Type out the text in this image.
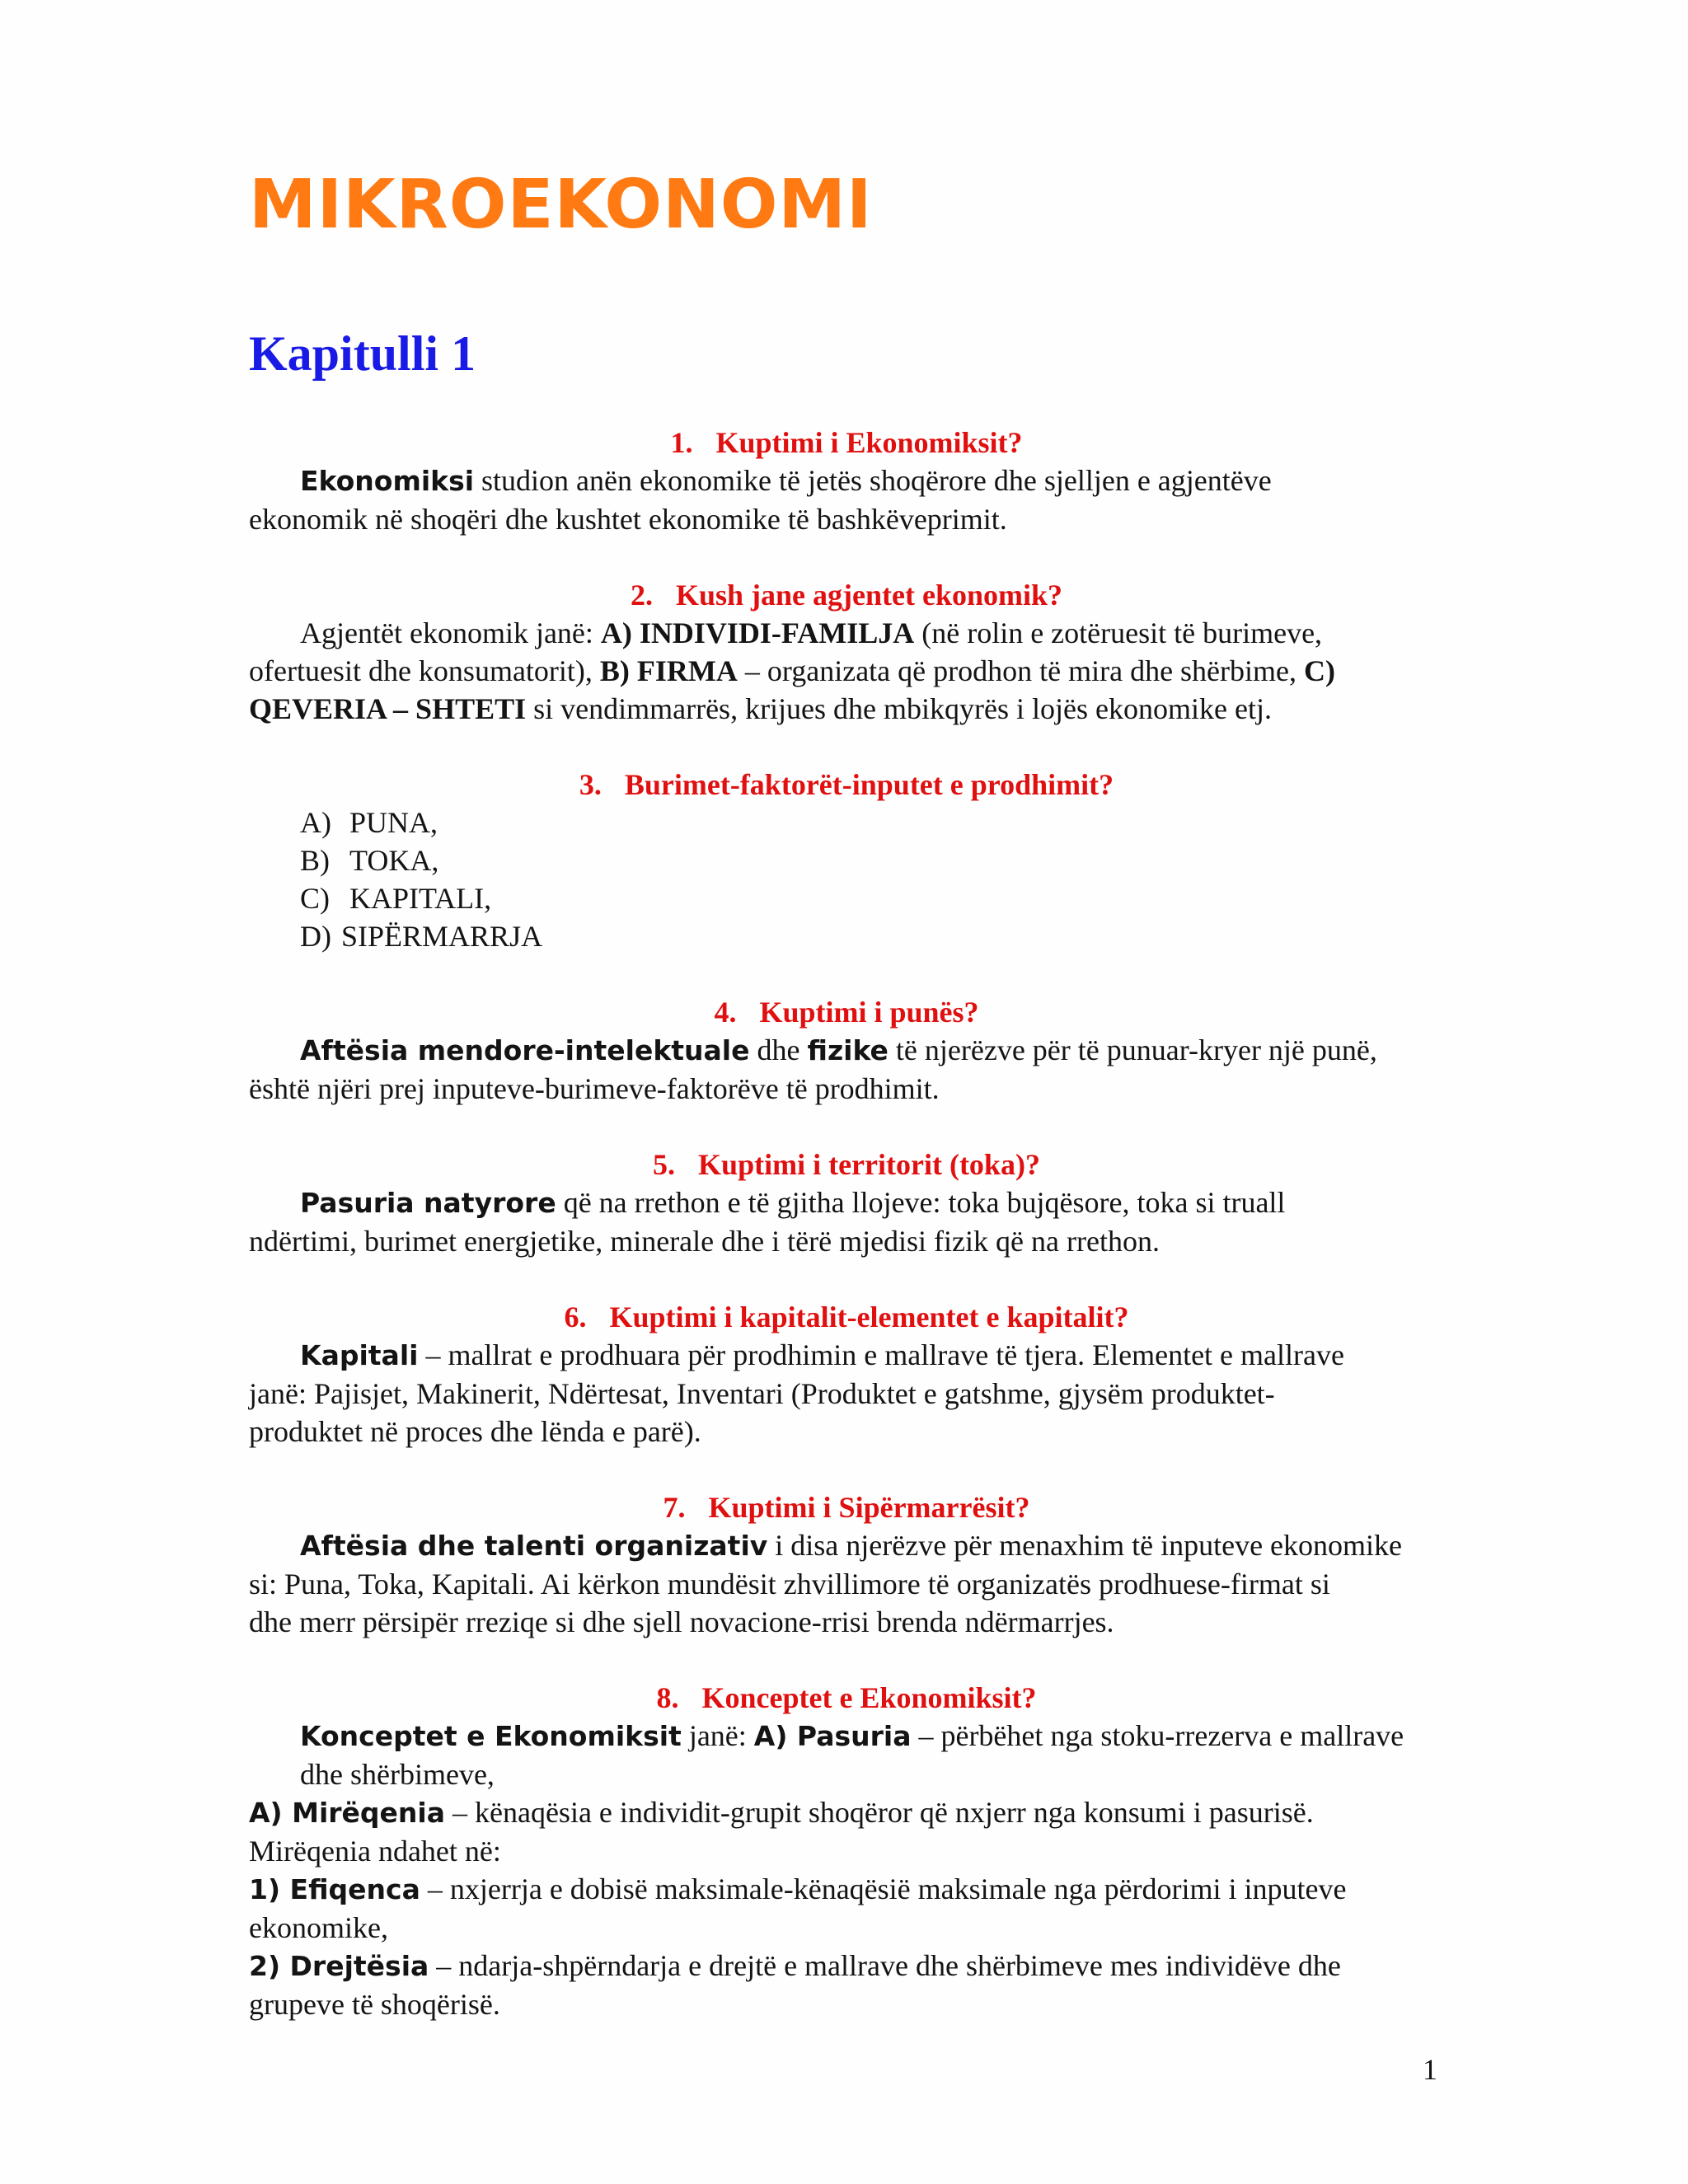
MIKROEKONOMI
Kapitulli 1

1. Kuptimi i Ekonomiksit?

Ekonomiksi studion anën ekonomike të jetës shoqërore dhe sjelljen e agjentëve

ekonomik në shoqëri dhe kushtet ekonomike të bashkëveprimit.

2. Kush jane agjentet ekonomik?

Agjentët ekonomik janë: A) INDIVIDI-FAMILJA (në rolin e zotëruesit të burimeve,

ofertuesit dhe konsumatorit), B) FIRMA – organizata që prodhon të mira dhe shërbime, C)

QEVERIA – SHTETI si vendimmarrës, krijues dhe mbikqyrës i lojës ekonomike etj.

3. Burimet-faktorët-inputet e prodhimit?

A) PUNA,

B) TOKA,

C) KAPITALI,

D) SIPËRMARRJA

4. Kuptimi i punës?

Aftësia mendore-intelektuale dhe fizike të njerëzve për të punuar-kryer një punë,

është njëri prej inputeve-burimeve-faktorëve të prodhimit.

5. Kuptimi i territorit (toka)?

Pasuria natyrore që na rrethon e të gjitha llojeve: toka bujqësore, toka si truall

ndërtimi, burimet energjetike, minerale dhe i tërë mjedisi fizik që na rrethon.

6. Kuptimi i kapitalit-elementet e kapitalit?

Kapitali – mallrat e prodhuara për prodhimin e mallrave të tjera. Elementet e mallrave

janë: Pajisjet, Makinerit, Ndërtesat, Inventari (Produktet e gatshme, gjysëm produktet-

produktet në proces dhe lënda e parë).

7. Kuptimi i Sipërmarrësit?

Aftësia dhe talenti organizativ i disa njerëzve për menaxhim të inputeve ekonomike

si: Puna, Toka, Kapitali. Ai kërkon mundësit zhvillimore të organizatës prodhuese-firmat si

dhe merr përsipër rreziqe si dhe sjell novacione-rrisi brenda ndërmarrjes.

8. Konceptet e Ekonomiksit?

Konceptet e Ekonomiksit janë: A) Pasuria – përbëhet nga stoku-rrezerva e mallrave

dhe shërbimeve,

A) Mirëqenia – kënaqësia e individit-grupit shoqëror që nxjerr nga konsumi i pasurisë.

Mirëqenia ndahet në:

1) Efiqenca – nxjerrja e dobisë maksimale-kënaqësië maksimale nga përdorimi i inputeve

ekonomike,

2) Drejtësia – ndarja-shpërndarja e drejtë e mallrave dhe shërbimeve mes individëve dhe

grupeve të shoqërisë.

1
